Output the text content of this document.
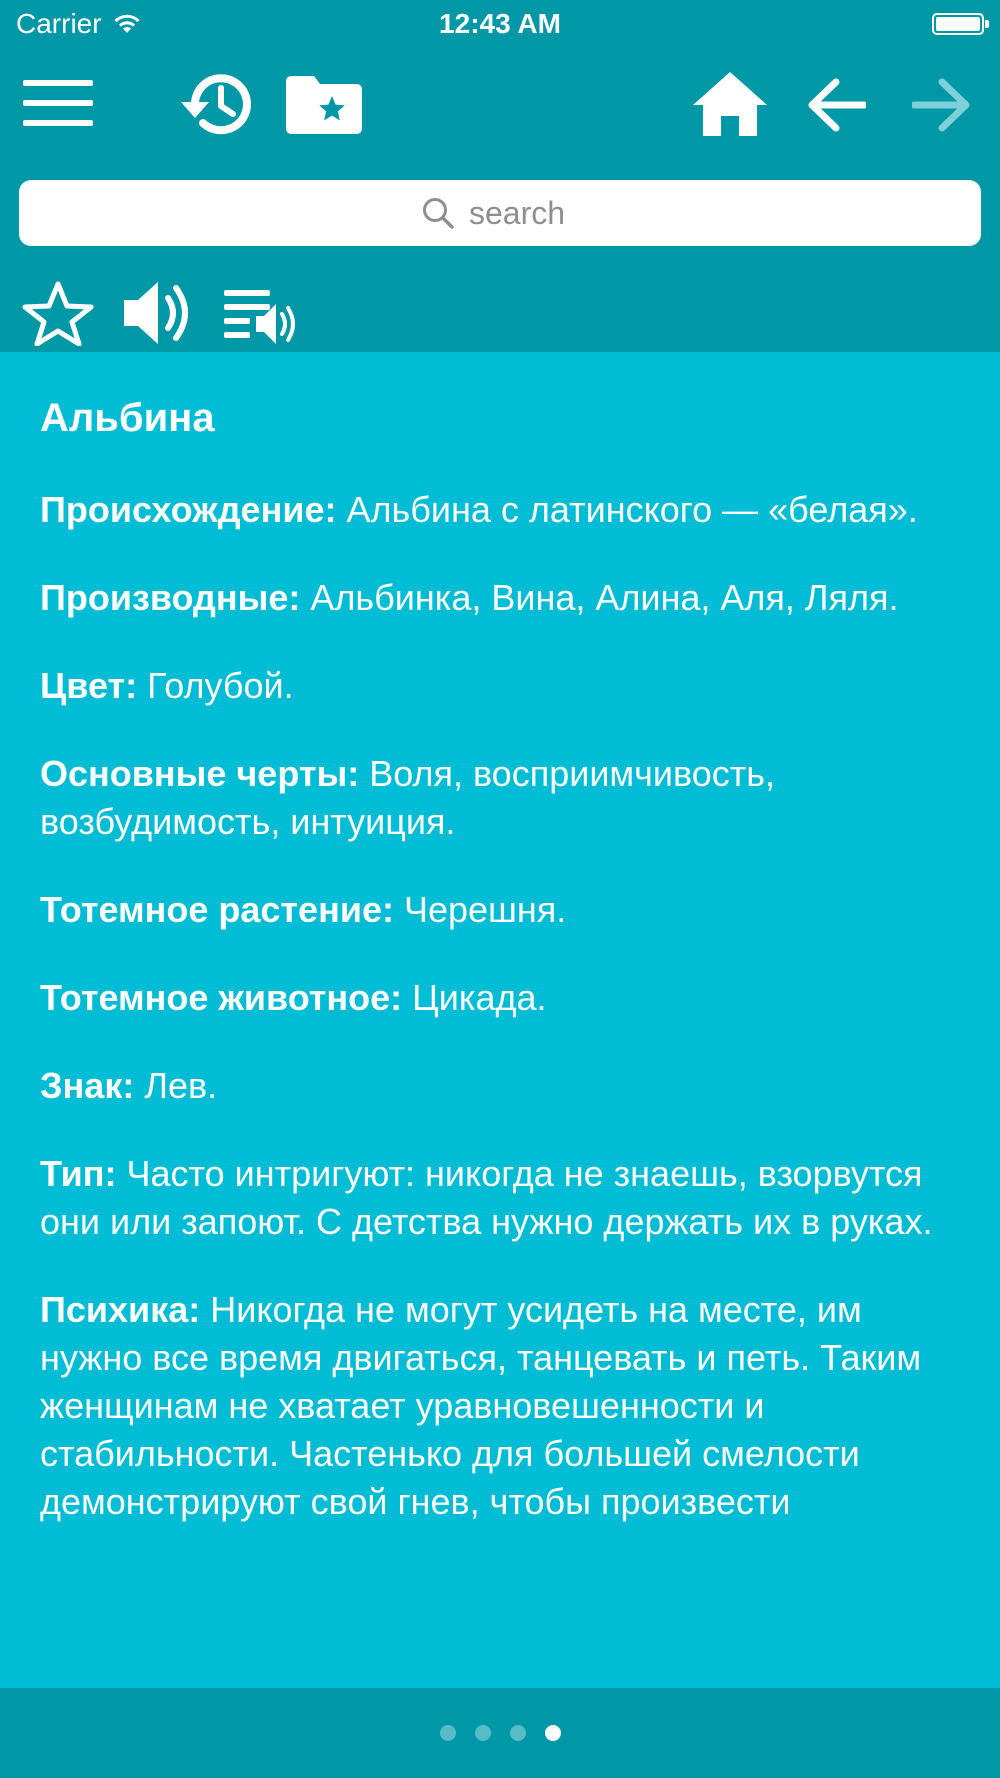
Carrier	12:43 AM
search
Альбина

Происхождение: Альбина с латинского — «белая».

Производные: Альбинка, Вина, Алина, Аля, Ляля.

Цвет: Голубой.

Основные черты: Воля, восприимчивость, возбудимость, интуиция.

Тотемное растение: Черешня.

Тотемное животное: Цикада.

Знак: Лев.

Тип: Часто интригуют: никогда не знаешь, взорвутся они или запоют. С детства нужно держать их в руках.

Психика: Никогда не могут усидеть на месте, им нужно все время двигаться, танцевать и петь. Таким женщинам не хватает уравновешенности и стабильности. Частенько для большей смелости демонстрируют свой гнев, чтобы произвести
